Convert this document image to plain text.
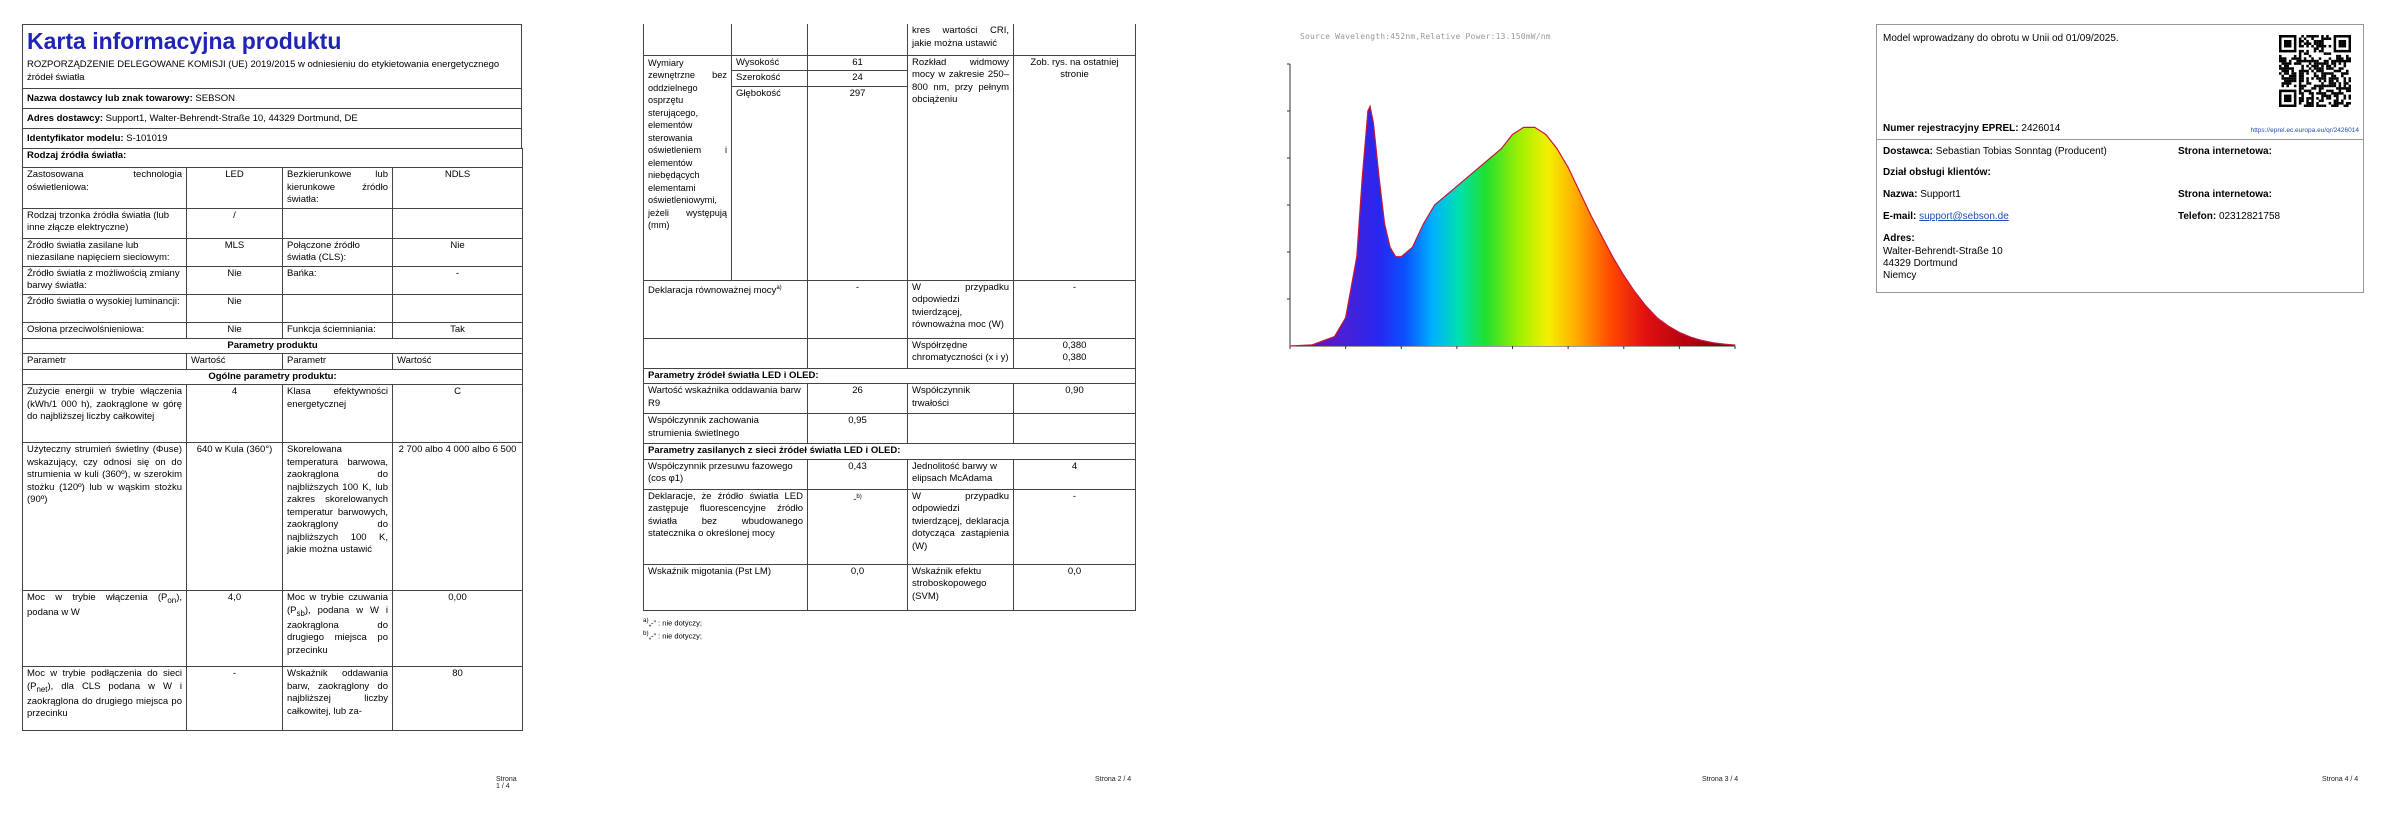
Karta informacyjna produktu
ROZPORZĄDZENIE DELEGOWANE KOMISJI (UE) 2019/2015 w odniesieniu do etykietowania energetycznego źródeł światła
Nazwa dostawcy lub znak towarowy: SEBSON
Adres dostawcy: Support1, Walter-Behrendt-Straße 10, 44329 Dortmund, DE
Identyfikator modelu: S-101019
Rodzaj źródła światła:			
Zastosowana technologia oświetleniowa:	LED	Bezkierunkowe lub kierunkowe źródło światła:	NDLS
Rodzaj trzonka źródła światła (lub inne złącze elektryczne)	/		
Źródło światła zasilane lub niezasilane napięciem sieciowym:	MLS	Połączone źródło światła (CLS):	Nie
Źródło światła z możliwością zmiany barwy światła:	Nie	Bańka:	-
Źródło światła o wysokiej luminancji:	Nie		
Osłona przeciwolśnieniowa:	Nie	Funkcja ściemniania:	Tak
Parametry produktu			
Parametr	Wartość	Parametr	Wartość
Ogólne parametry produktu:			
Zużycie energii w trybie włączenia (kWh/1 000 h), zaokrąglone w górę do najbliższej liczby całkowitej	4	Klasa efektywności energetycznej	C
Użyteczny strumień świetlny (Φuse) wskazujący, czy odnosi się on do strumienia w kuli (360º), w szerokim stożku (120º) lub w wąskim stożku (90º)	640 w Kula (360°)	Skorelowana temperatura barwowa, zaokrąglona do najbliższych 100 K, lub zakres skorelowanych temperatur barwowych, zaokrąglony do najbliższych 100 K, jakie można ustawić	2 700 albo 4 000 albo 6 500
Moc w trybie włączenia $(P_{on})$, podana w W	4,0	Moc w trybie czuwania $(P_{sb})$, podana w W i zaokrąglona do drugiego miejsca po przecinku	0,00
Moc w trybie podłączenia do sieci $(P_{net})$, dla CLS podana w W i zaokrąglona do drugiego miejsca po przecinku	-	Wskaźnik oddawania barw, zaokrąglony do najbliższej liczby całkowitej, lub za-	80
Strona 1 / 4
			kres wartości CRI, jakie można ustawić	
Wymiary zewnętrzne bez oddzielnego osprzętu sterującego, elementów sterowania oświetleniem i elementów niebędących elementami oświetleniowymi, jeżeli występują (mm)	Wysokość	61	Rozkład widmowy mocy w zakresie 250–800 nm, przy pełnym obciążeniu	Zob. rys. na ostatniej stronie
	Szerokość	24		
	Głębokość	297		
Deklaracja równoważnej mocy$^{a)}$		-	W przypadku odpowiedzi twierdzącej, równoważna moc (W)	-
			Współrzędne chromatyczności (x i y)	0,380
0,380

Parametry źródeł światła LED i OLED:				
Wartość wskaźnika oddawania barw R9		26	Współczynnik trwałości	0,90
Współczynnik zachowania strumienia świetlnego		0,95		
Parametry zasilanych z sieci źródeł światła LED i OLED:				
Współczynnik przesuwu fazowego (cos φ1)		0,43	Jednolitość barwy w elipsach McAdama	4
Deklaracje, że źródło światła LED zastępuje fluorescencyjne źródło światła bez wbudowanego statecznika o określonej mocy		-$^{b)}$	W przypadku odpowiedzi twierdzącej, deklaracja dotycząca zastąpienia (W)	-
Wskaźnik migotania (Pst LM)		0,0	Wskaźnik efektu stroboskopowego (SVM)	0,0
$^{a)}$„-” : nie dotyczy;
$^{b)}$„-” : nie dotyczy;
Strona 2 / 4
Source Wavelength:452nm,Relative Power:13.150mW/nm
Strona 3 / 4
Model wprowadzany do obrotu w Unii od 01/09/2025.
Numer rejestracyjny EPREL: 2426014	https://eprel.ec.europa.eu/qr/2426014
Dostawca: Sebastian Tobias Sonntag (Producent)	Strona internetowa:
Dział obsługi klientów:
Nazwa: Support1	Strona internetowa:
E-mail: support@sebson.de	Telefon: 02312821758
Adres:
Walter-Behrendt-Straße 10
44329 Dortmund
Niemcy
Strona 4 / 4
